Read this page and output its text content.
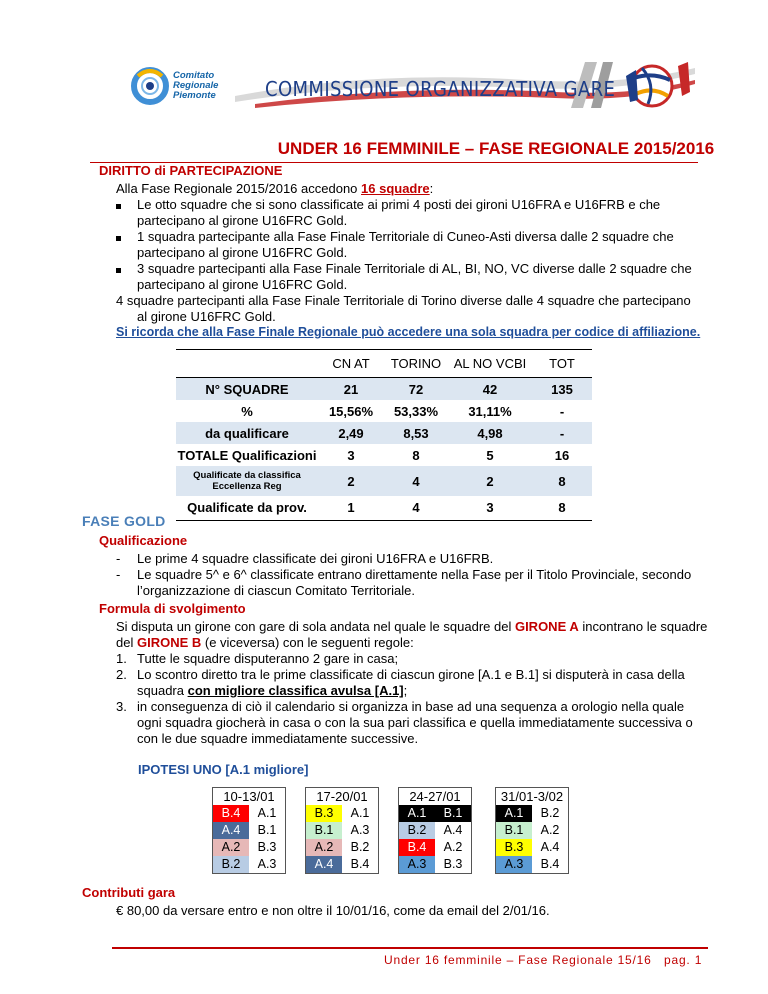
Comitato
Regionale
Piemonte COMMISSIONE ORGANIZZATIVA GARE
UNDER 16 FEMMINILE – FASE REGIONALE 2015/2016
DIRITTO di PARTECIPAZIONE
Alla Fase Regionale 2015/2016 accedono 16 squadre:
Le otto squadre che si sono classificate ai primi 4 posti dei gironi U16FRA e U16FRB e che
partecipano al girone U16FRC Gold.
1 squadra partecipante alla Fase Finale Territoriale di Cuneo-Asti diversa dalle 2 squadre che
partecipano al girone U16FRC Gold.
3 squadre partecipanti alla Fase Finale Territoriale di AL, BI, NO, VC diverse dalle 2 squadre che
partecipano al girone U16FRC Gold.
4 squadre partecipanti alla Fase Finale Territoriale di Torino diverse dalle 4 squadre che partecipano
al girone U16FRC Gold.
Si ricorda che alla Fase Finale Regionale può accedere una sola squadra per codice di affiliazione.
	CN AT	TORINO	AL NO VCBI	TOT
N° SQUADRE	21	72	42	135
%	15,56%	53,33%	31,11%	-
da qualificare	2,49	8,53	4,98	-
TOTALE Qualificazioni	3	8	5	16
Qualificate da classifica Eccellenza Reg	2	4	2	8
Qualificate da prov.	1	4	3	8
FASE GOLD
Qualificazione
- Le prime 4 squadre classificate dei gironi U16FRA e U16FRB.
- Le squadre 5^ e 6^ classificate entrano direttamente nella Fase per il Titolo Provinciale, secondo
l’organizzazione di ciascun Comitato Territoriale.
Formula di svolgimento
Si disputa un girone con gare di sola andata nel quale le squadre del GIRONE A incontrano le squadre
del GIRONE B (e viceversa) con le seguenti regole:
1. Tutte le squadre disputeranno 2 gare in casa;
2. Lo scontro diretto tra le prime classificate di ciascun girone [A.1 e B.1] si disputerà in casa della
squadra con migliore classifica avulsa [A.1];
3. in conseguenza di ciò il calendario si organizza in base ad una sequenza a orologio nella quale
ogni squadra giocherà in casa o con la sua pari classifica e quella immediatamente successiva o
con le due squadre immediatamente successive.
IPOTESI UNO [A.1 migliore]
10-13/01
B.4	A.1
A.4	B.1
A.2	B.3
B.2	A.3
17-20/01
B.3	A.1
B.1	A.3
A.2	B.2
A.4	B.4
24-27/01
A.1	B.1
B.2	A.4
B.4	A.2
A.3	B.3
31/01-3/02
A.1	B.2
B.1	A.2
B.3	A.4
A.3	B.4
Contributi gara
€ 80,00 da versare entro e non oltre il 10/01/16, come da email del 2/01/16.
Under 16 femminile – Fase Regionale 15/16 pag. 1
